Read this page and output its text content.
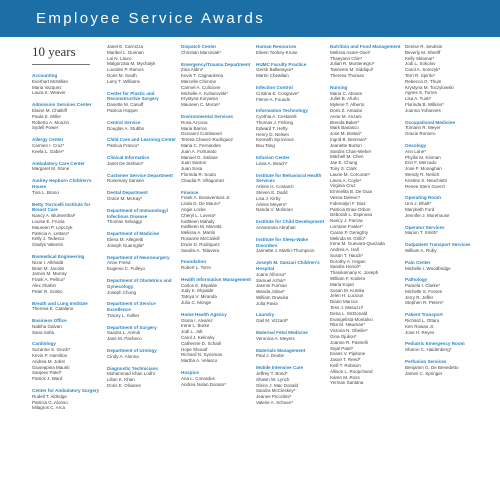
Employee Service Awards
10 years
Accounting
Everhart McMillan
Maria Vazquez
Laura K. Weaver
Admission Services Center
Elaine M. Chalkiff
Paula E. Miller
Roberto A. Mouzin
Sydell Power
Allergy Center
Carmen I. Cruz*
Keela L. Gaber*
Ambulatory Care Center
Margaret M. Stone
Audrey Hepburn Children's House
Tina L. Bruno
Betty Torricelli Institute for Breast Care
Nancy A. Blumenthal*
Louise E. Fruzia
Maureen P. Lepczyk
Patricia A. Lettaro*
Kelly J. Tedesco
Gladys Valentin
Biomedical Engineering
Nizar I. Alkhatib
Brian M. Jacobs
James M. Murray
Frank A. Pellico*
Alex Shahin
Peter R. Szabo
Breath and Lung Institute
Theresa E. Catalano
Business Office
Nabiha Galvan
Sana Sofia
Cardiology
Suzanne S. Gruck*
Kevin P. Hamilton
Andrea M. Jobst
Giuseppina Mauriti
Sanjeev Patel*
Patrick J. Ward
Center for Ambulatory Surgery
Rudell T. Aldridge
Patricia G. Alonso
Milagros C. Arca
Janet E. Carrozza
Maribel L. Dunnan
Lai N. Lauro
Malgorzata M. Mychalyk
Lourdes P. Ramos
Doris M. South
Larry T. Williams
Center for Plastic and Reconstructive Surgery
Danette M. Canuff
Patricia Hopper
Central Service
Douglas A. Stubbs
Child Care and Learning Center
Patricia Franco*
Clinical Informatics
Janet De Stefano*
Customer Service Department
Rosemary Sansen
Dental Department
Grace M. McKay*
Department of Immunology/ Infectious Disease
Thomas Selvaggi
Department of Medicine
Elena M. Allegretti
Joseph Guarrigila*
Department of Neurosurgery
Anne Freed
Eugenio C. Fulleyo
Department of Obstetrics and Gynecology
Joseph Chong
Department of Service Excellence
Tracey L. Kollier
Department of Surgery
Sandra L. Aniruk
Jane M. Pacheco
Department of Urology
Cindy A. Alonna
Diagnostic Technicians
Mohammad Khan Lodhi
Lilian K. Khan
Doris E. Olivares
Dispatch Center
Christian Marciniak*
Emergency/Trauma Department
Zina Aldini*
Kevin T. Cagnardena
Marcelle Chimme
Carmel A. Colicione
Michelle A. Koharovski*
Krystyna Koryama
Maureen C. Moran*
Environmental Services
Rosa Azcona
Maria Barros
Giovanni Cumbaneri
Teresa Chavez-Rodriguez
Maria C. Fernandes
Juan A. Fortunato
Manuel G. Salinas
Juan Santos
Juan Sosa
Florinda R. Souto
Claudia P. Villagomez
Finance
Frank A. Bonaventura Jr.
Linda D. De Mauro*
Angie Locke
Cheryl L. Lovera*
Kathleen Mahaly
Kathleen M. Marotta
Melissa A. Martin
Rosanne McCaskill
Erwin D. Rodriguez
Sandra A. Talavera
Foundation
Robert L. Torre
Health Information Management
Carlos E. Ekpalde
Judy K. Ekpalde
Tatnya V. Miranda
Julio C. Monge
Home Health Agency
Gloria I. Alvarez
Irene L. Burke
Jodi L. Jolt
Carol J. Kelinsky
Catherine D. Scharli
Hope Shouaf
Richard N. Syvoman
Martha A. Velasco
Hospice
Ana L. Conradus
Andrea Nolan Donato*
Human Resources
Eileen Toohey-Kruse
HUMC Faculty Practice
Gersh Ballanayce*
Martin Cheatlain
Infection Control
Cristina E. Cosgrave*
Fleme A. Founds
Information Technology
Cynthia A. Cestarelli
Thomas J. Fellong
Edward T. Hefty
Henry D. Nelsen
Kenneth Syrovious
Buu Tang
Infusion Center
Lissa A. Beach*
Institute for Behavioral Health Services
Arlene H. Costanzi
Steven E. Dadd
Lisa J. Kirby
Arlene Meyers*
Nanda V. Molinaro
Institute for Child Development
Annamaria Abrahati
Institute for Sleep-Wake Disorders
Jannette J. Martin-Thompson
Joseph M. Sanzari Children's Hospital
Joann Alfonso*
Samuel Azhar*
Jasmin Furman
Wanda Jolian*
William Onwuka
Julia Pavia
Laundry
Gail M. Vizzard*
Maternal Fetal Medicine
Veronica A. Meyers
Materials Management
Paul J. Deutie
Mobile Intensive Care
Jeffrey T. Bond*
Shawn W. Lynch
Glenn J. Mac Donald
Sandra McCleskey*
Jeanne Piccirilini*
Valerie A. Schoen*
Nutrition and Food Management
Melissa Asare-Osei*
Thaeyann Chin*
Julian R. Montenegro*
Tasneem M. Siddiqui*
Theresa Thomas
Nursing
Maria C. Abriam
Juliet B. Afurlo
Mylene T. Alberto
Doris Z. Amador
Anne M. Anzani
Brenda Baker*
Mark Banasco
Jose M. Bottari*
Ingrid B. Brennan*
Jeanette Burton
Sandra Chan-Weber
Mitchell M. Chen
Jae E. Chung
Tony S. Clark
Laurie M. Corcoran*
Laura A. Coyle*
Virginia Cruz
Emmelita B. De Guia
Vesna Delevic*
Fidemalyn F. Diaz
Patricia Enax-Orbon
Deborah L. Espinosa
Nancy J. Farrow
Lorraine Fowler*
Ciaran P. Geraghty
Melinda M. Grillo*
Irene M. Guevara-Quezada
Andrea A. Hall
Susan T. Hauck*
Dorothy A. Hogan
Sandra Honoh*
Thanikamany K. Joseph
William F. Kodera
Maria Kojan
Susan M. Kumka
Jelen H. Lucious
Diane Marcus
Tess J. Masuzzi*
Dena L. McDonald
Evangelista Montalvo
Rita M. Newman*
Victoria N. Obeilie*
Gina Ojukon*
Joanne R. Pastrelli
Sejal Patel*
Evans V. Pipitone
Jason T. Reed*
Kelli T. Robison
Allison L. Roopchand
Karen M. Ross
Yerman Santana
Denise R. Seubsin
Beverly M. Sheriff
Kelly Sklamar*
Jodi L. Sokolov
Carol A. Sorezyk*
Terri R. Spirito*
Rebecca G. Thum
Krystyna M. Toczylowski
Agnes S. Torres
Lisa A. Tuoti*
Florinda B. Wilkins*
Joanna Yohannes
Occupational Medicine
Tomann R. Meyer
Gracie Romero
Oncology
Ann Lane*
Phyllis M. Kinman
Erin F. Mercado
Jose F. Monaghan
Wendy R. Neilich
Kristine S. Neuchietti
Renee Stern Goerzl
Operating Room
Urvi J. Bhatt*
Marybeth Ford
Jennifer J. Morehouse
Operator Services
Marion T. Smith*
Outpatient Transport Services
William A. Ruby
Pain Center
Michelle I. Woodbridge
Pathology
Pamela I. Clarke*
Michelle S. Forsen
Jerry R. Jeffer
Stephen R. Peters*
Patient Transport
Richard L. Ottaru
Ken Rowan Jr.
Jose H. Reyes
Pediatric Emergency Room
Sharon C. Haidenberg*
Perfusion Services
Benjamin G. De Benedetto
James C. Springer
